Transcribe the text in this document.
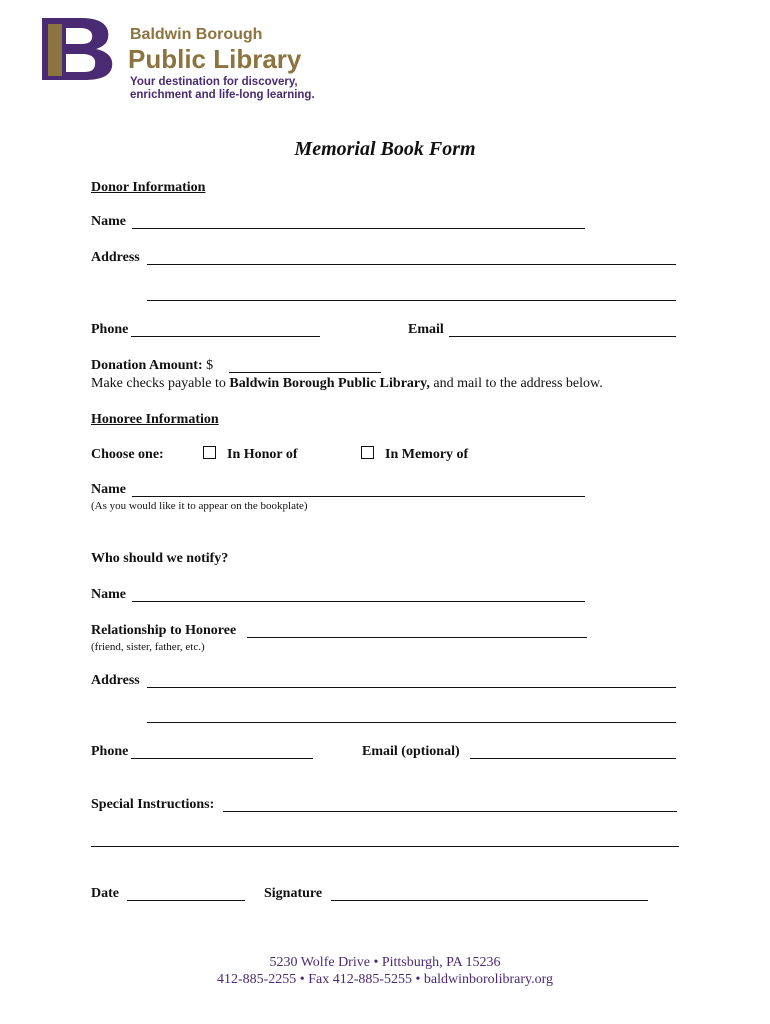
Baldwin Borough
Public Library
Your destination for discovery,
enrichment and life-long learning.
Memorial Book Form
Donor Information
Name
Address
Phone	Email
Donation Amount: $
Make checks payable to Baldwin Borough Public Library, and mail to the address below.
Honoree Information
Choose one:	In Honor of	In Memory of
Name
(As you would like it to appear on the bookplate)
Who should we notify?
Name
Relationship to Honoree
(friend, sister, father, etc.)
Address
Phone	Email (optional)
Special Instructions:
Date	Signature
5230 Wolfe Drive • Pittsburgh, PA 15236
412-885-2255 • Fax 412-885-5255 • baldwinborolibrary.org
